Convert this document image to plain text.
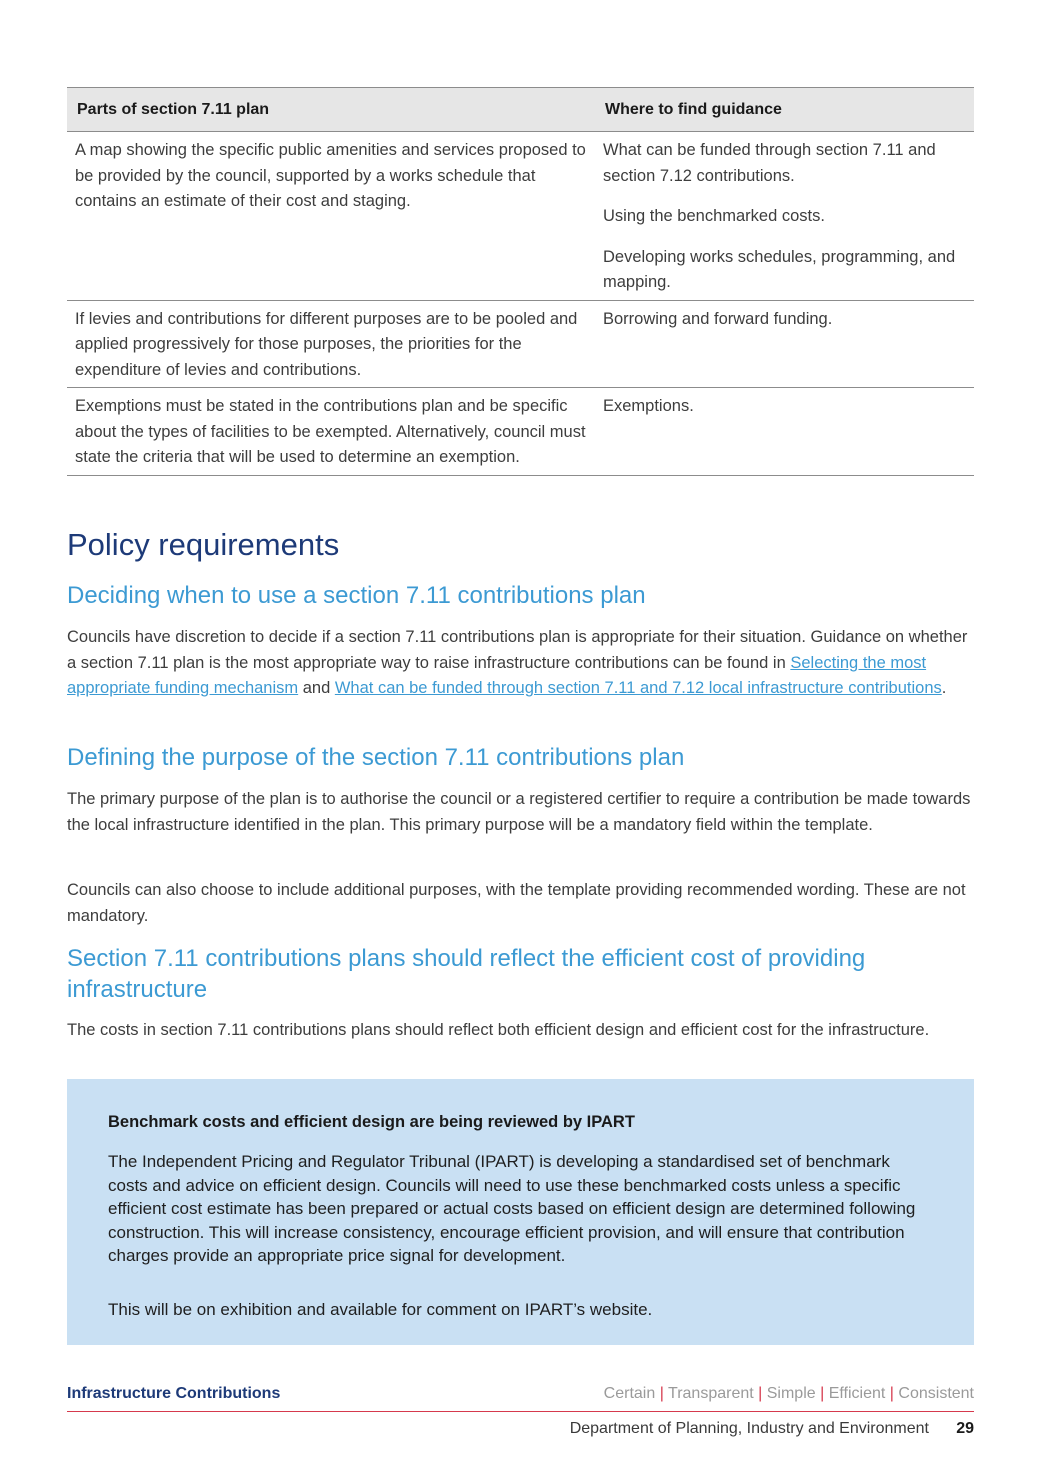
Parts of section 7.11 plan	Where to find guidance
A map showing the specific public amenities and services proposed to be provided by the council, supported by a works schedule that contains an estimate of their cost and staging.	What can be funded through section 7.11 and section 7.12 contributions.

Using the benchmarked costs.

Developing works schedules, programming, and mapping.

If levies and contributions for different purposes are to be pooled and applied progressively for those purposes, the priorities for the expenditure of levies and contributions.	Borrowing and forward funding.

Exemptions must be stated in the contributions plan and be specific about the types of facilities to be exempted. Alternatively, council must state the criteria that will be used to determine an exemption.	Exemptions.

Policy requirements
Deciding when to use a section 7.11 contributions plan

Councils have discretion to decide if a section 7.11 contributions plan is appropriate for their situation. Guidance on whether a section 7.11 plan is the most appropriate way to raise infrastructure contributions can be found in Selecting the most appropriate funding mechanism and What can be funded through section 7.11 and 7.12 local infrastructure contributions.

Defining the purpose of the section 7.11 contributions plan

The primary purpose of the plan is to authorise the council or a registered certifier to require a contribution be made towards the local infrastructure identified in the plan. This primary purpose will be a mandatory field within the template.

Councils can also choose to include additional purposes, with the template providing recommended wording. These are not mandatory.

Section 7.11 contributions plans should reflect the efficient cost of providing infrastructure

The costs in section 7.11 contributions plans should reflect both efficient design and efficient cost for the infrastructure.

Benchmark costs and efficient design are being reviewed by IPART

The Independent Pricing and Regulator Tribunal (IPART) is developing a standardised set of benchmark costs and advice on efficient design. Councils will need to use these benchmarked costs unless a specific efficient cost estimate has been prepared or actual costs based on efficient design are determined following construction. This will increase consistency, encourage efficient provision, and will ensure that contribution charges provide an appropriate price signal for development.

This will be on exhibition and available for comment on IPART’s website.

Infrastructure Contributions	Certain | Transparent | Simple | Efficient | Consistent
Department of Planning, Industry and Environment 29
